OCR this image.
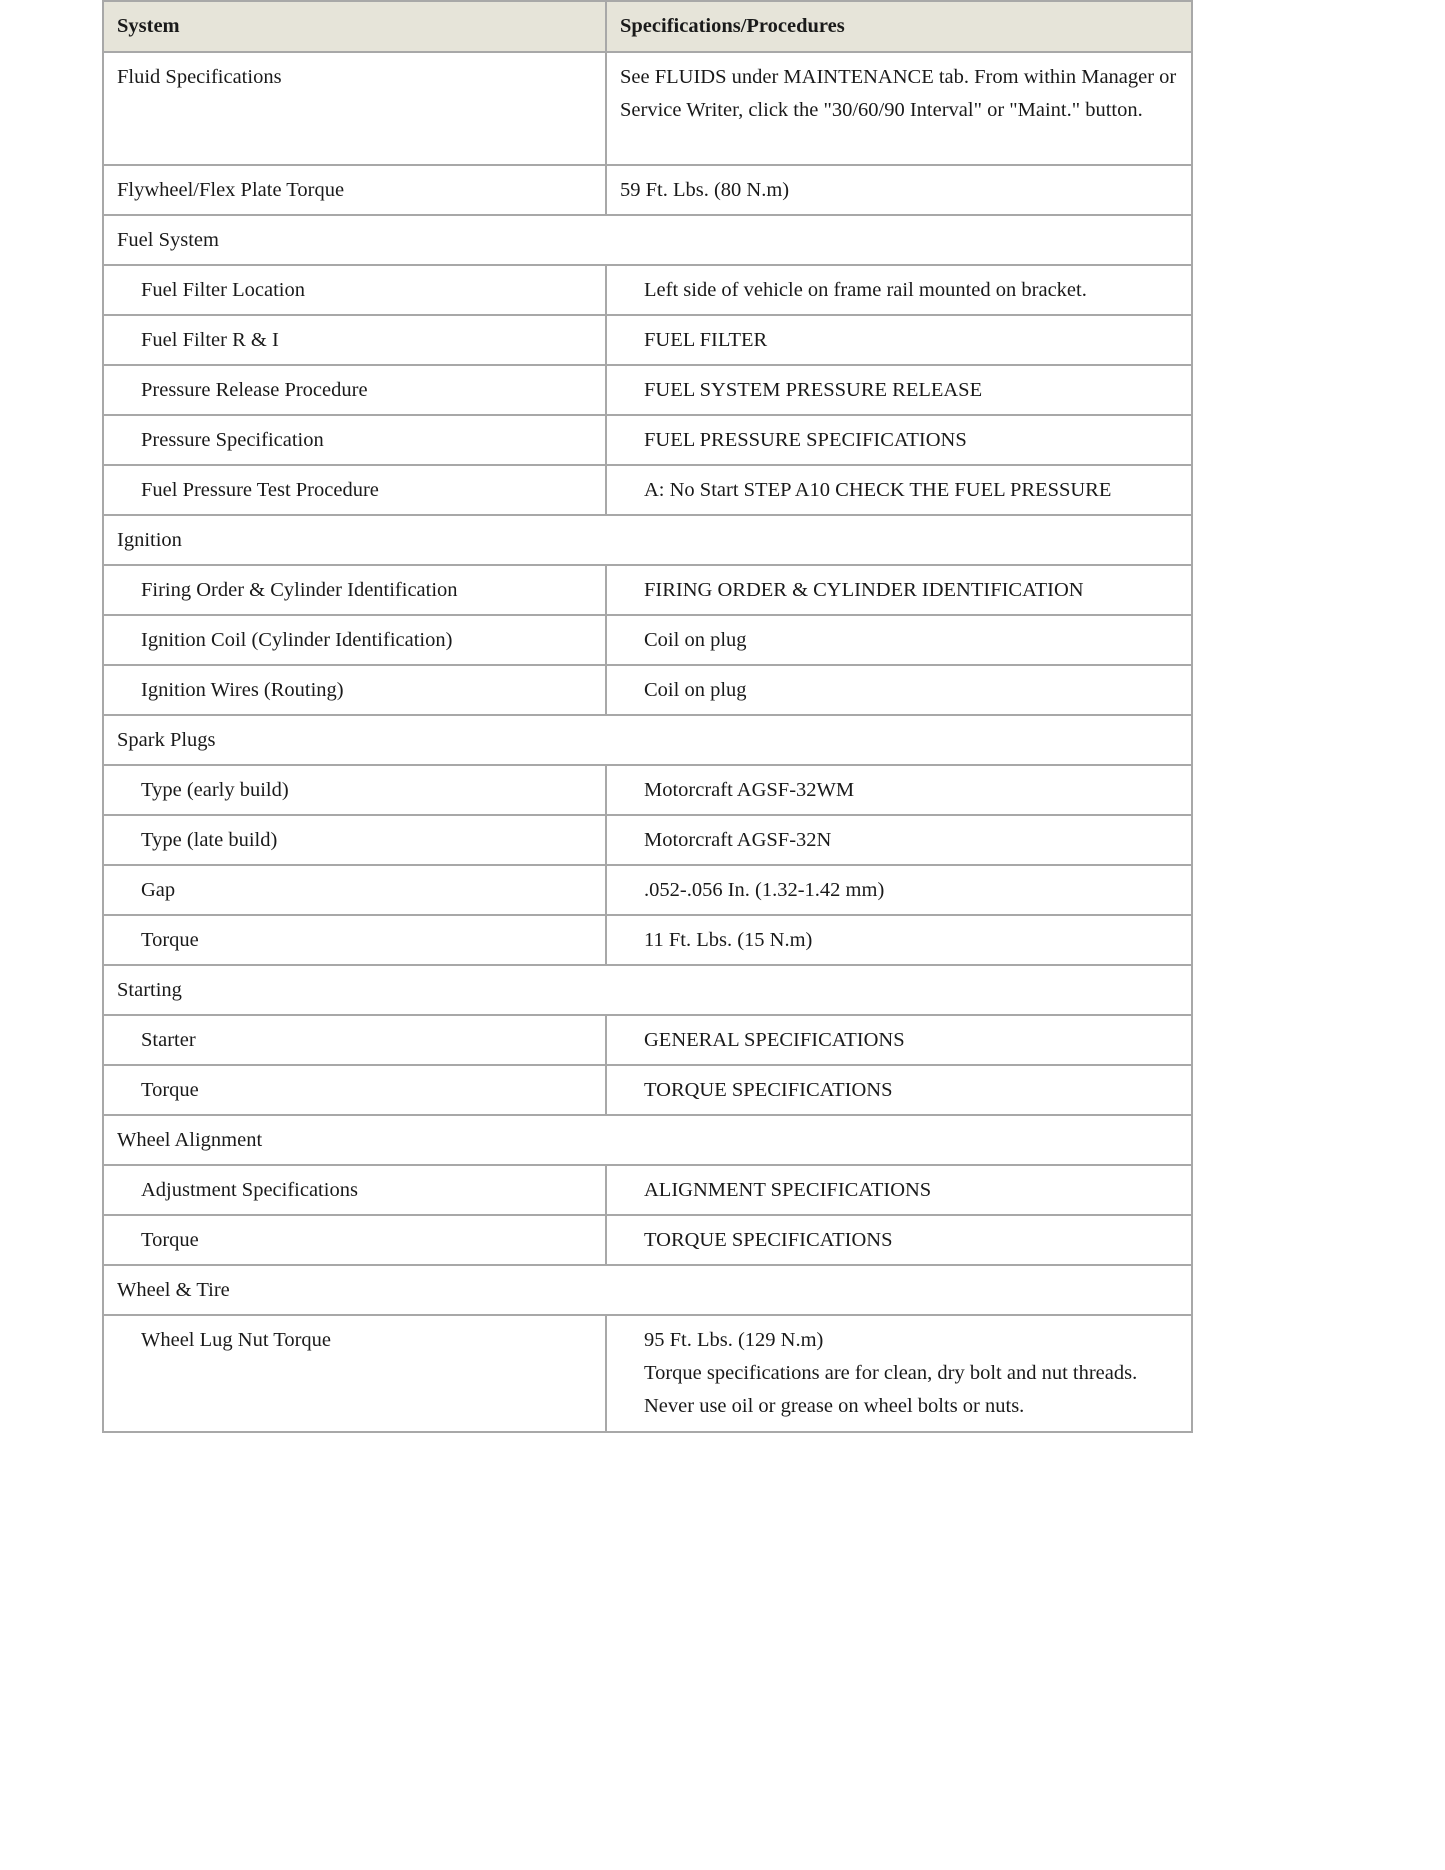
System	Specifications/Procedures
Fluid Specifications	See FLUIDS under MAINTENANCE tab. From within Manager or Service Writer, click the "30/60/90 Interval" or "Maint." button.
Flywheel/Flex Plate Torque	59 Ft. Lbs. (80 N.m)
Fuel System	
Fuel Filter Location	Left side of vehicle on frame rail mounted on bracket.
Fuel Filter R & I	FUEL FILTER
Pressure Release Procedure	FUEL SYSTEM PRESSURE RELEASE
Pressure Specification	FUEL PRESSURE SPECIFICATIONS
Fuel Pressure Test Procedure	A: No Start STEP A10 CHECK THE FUEL PRESSURE
Ignition	
Firing Order & Cylinder Identification	FIRING ORDER & CYLINDER IDENTIFICATION
Ignition Coil (Cylinder Identification)	Coil on plug
Ignition Wires (Routing)	Coil on plug
Spark Plugs	
Type (early build)	Motorcraft AGSF-32WM
Type (late build)	Motorcraft AGSF-32N
Gap	.052-.056 In. (1.32-1.42 mm)
Torque	11 Ft. Lbs. (15 N.m)
Starting	
Starter	GENERAL SPECIFICATIONS
Torque	TORQUE SPECIFICATIONS
Wheel Alignment	
Adjustment Specifications	ALIGNMENT SPECIFICATIONS
Torque	TORQUE SPECIFICATIONS
Wheel & Tire	
Wheel Lug Nut Torque	95 Ft. Lbs. (129 N.m)
Torque specifications are for clean, dry bolt and nut threads.
Never use oil or grease on wheel bolts or nuts.
